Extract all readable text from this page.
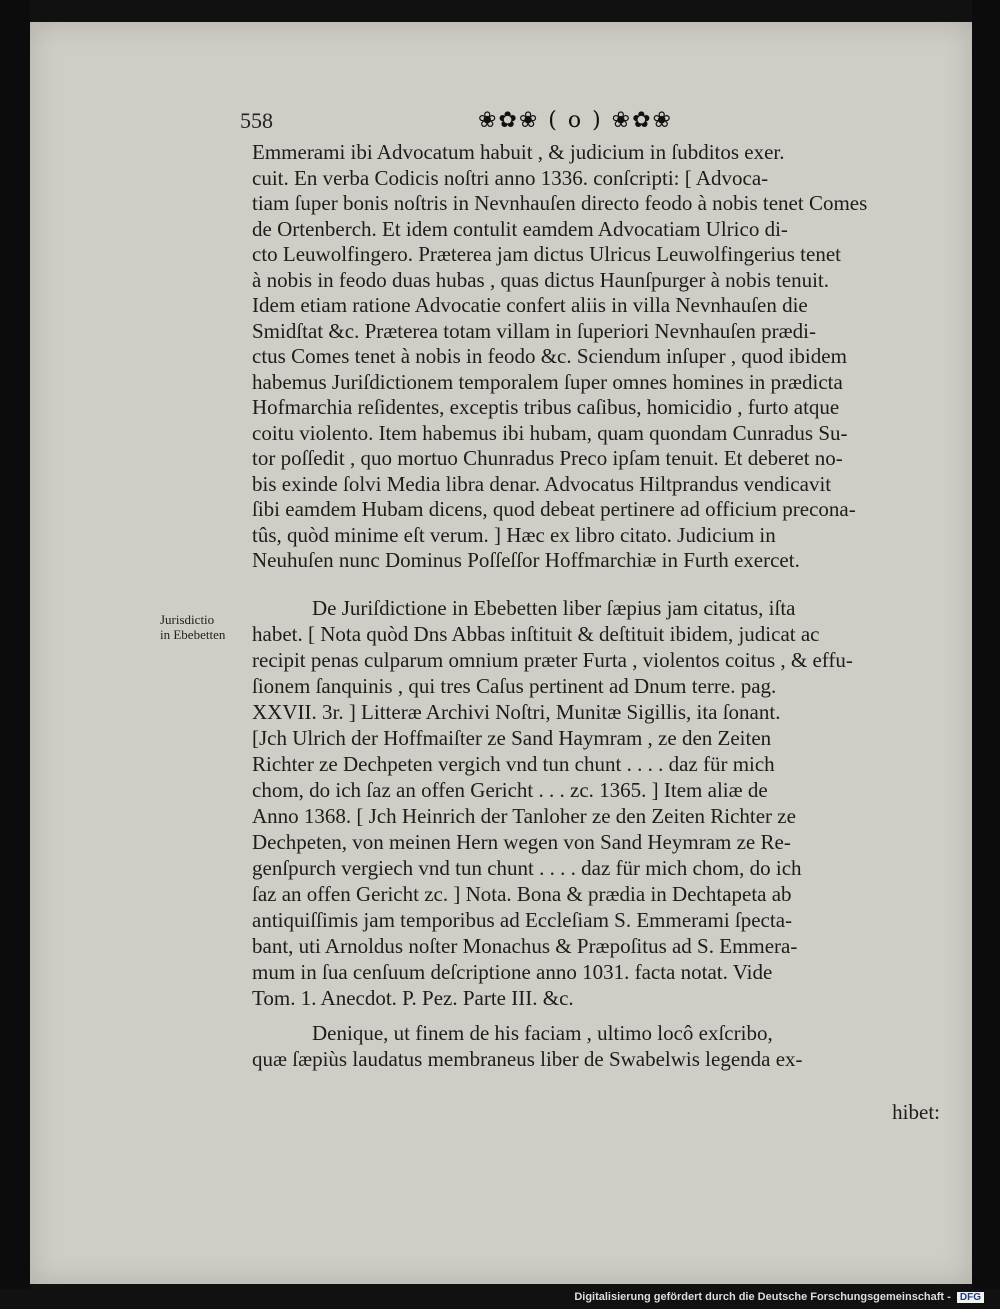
558	❀✿❀ ( o ) ❀✿❀
Emmerami ibi Advocatum habuit , & judicium in ſubditos exer.
cuit. En verba Codicis noſtri anno 1336. conſcripti: [ Advoca-
tiam ſuper bonis noſtris in Nevnhauſen directo feodo à nobis tenet Comes
de Ortenberch. Et idem contulit eamdem Advocatiam Ulrico di-
cto Leuwolfingero. Præterea jam dictus Ulricus Leuwolfingerius tenet
à nobis in feodo duas hubas , quas dictus Haunſpurger à nobis tenuit.
Idem etiam ratione Advocatie confert aliis in villa Nevnhauſen die
Smidſtat &c. Præterea totam villam in ſuperiori Nevnhauſen prædi-
ctus Comes tenet à nobis in feodo &c. Sciendum inſuper , quod ibidem
habemus Juriſdictionem temporalem ſuper omnes homines in prædicta
Hofmarchia reſidentes, exceptis tribus caſibus, homicidio , furto atque
coitu violento. Item habemus ibi hubam, quam quondam Cunradus Su-
tor poſſedit , quo mortuo Chunradus Preco ipſam tenuit. Et deberet no-
bis exinde ſolvi Media libra denar. Advocatus Hiltprandus vendicavit
ſibi eamdem Hubam dicens, quod debeat pertinere ad officium precona-
tûs, quòd minime eſt verum. ] Hæc ex libro citato. Judicium in
Neuhuſen nunc Dominus Poſſeſſor Hoffmarchiæ in Furth exercet.
Jurisdictio
in Ebebetten
De Juriſdictione in Ebebetten liber ſæpius jam citatus, iſta
habet. [ Nota quòd Dns Abbas inſtituit & deſtituit ibidem, judicat ac
recipit penas culparum omnium præter Furta , violentos coitus , & effu-
ſionem ſanquinis , qui tres Caſus pertinent ad Dnum terre. pag.
XXVII. 3r. ] Litteræ Archivi Noſtri, Munitæ Sigillis, ita ſonant.
[Jch Ulrich der Hoffmaiſter ze Sand Haymram , ze den Zeiten
Richter ze Dechpeten vergich vnd tun chunt . . . . daz für mich
chom, do ich ſaz an offen Gericht . . . zc. 1365. ] Item aliæ de
Anno 1368. [ Jch Heinrich der Tanloher ze den Zeiten Richter ze
Dechpeten, von meinen Hern wegen von Sand Heymram ze Re-
genſpurch vergiech vnd tun chunt . . . . daz für mich chom, do ich
ſaz an offen Gericht zc. ] Nota. Bona & prædia in Dechtapeta ab
antiquiſſimis jam temporibus ad Eccleſiam S. Emmerami ſpecta-
bant, uti Arnoldus noſter Monachus & Præpoſitus ad S. Emmera-
mum in ſua cenſuum deſcriptione anno 1031. facta notat. Vide
Tom. 1. Anecdot. P. Pez. Parte III. &c.
Denique, ut finem de his faciam , ultimo locô exſcribo,
quæ ſæpiùs laudatus membraneus liber de Swabelwis legenda ex-
hibet:
Digitalisierung gefördert durch die Deutsche Forschungsgemeinschaft - DFG
